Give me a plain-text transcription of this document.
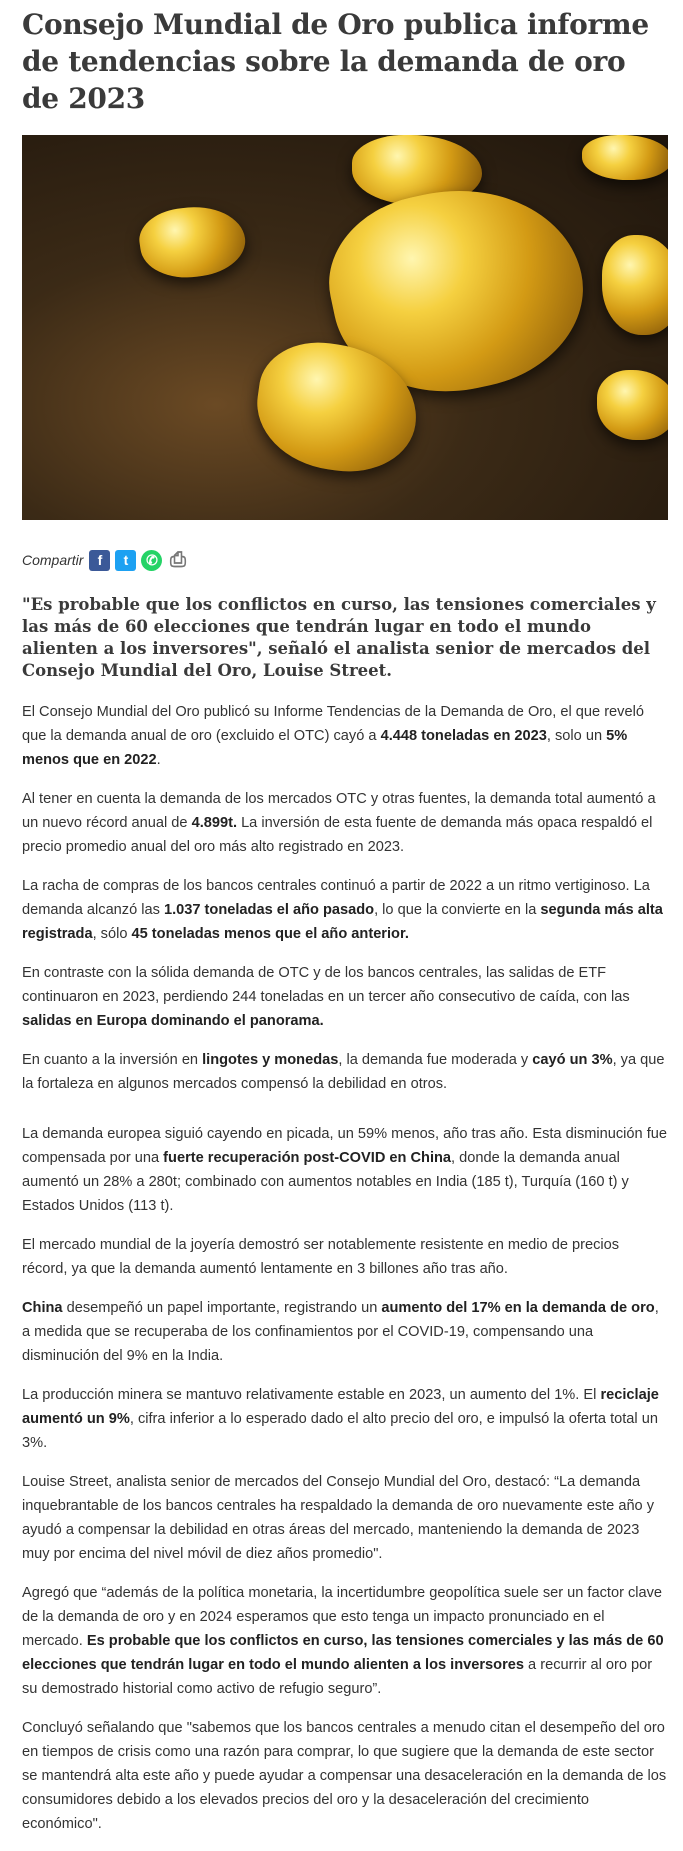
Consejo Mundial de Oro publica informe de tendencias sobre la demanda de oro de 2023
Compartir	f	t	✆ ⎙

"Es probable que los conflictos en curso, las tensiones comerciales y las más de 60 elecciones que tendrán lugar en todo el mundo alienten a los inversores", señaló el analista senior de mercados del Consejo Mundial del Oro, Louise Street.

El Consejo Mundial del Oro publicó su Informe Tendencias de la Demanda de Oro, el que reveló que la demanda anual de oro (excluido el OTC) cayó a 4.448 toneladas en 2023, solo un 5% menos que en 2022.

Al tener en cuenta la demanda de los mercados OTC y otras fuentes, la demanda total aumentó a un nuevo récord anual de 4.899t. La inversión de esta fuente de demanda más opaca respaldó el precio promedio anual del oro más alto registrado en 2023.

La racha de compras de los bancos centrales continuó a partir de 2022 a un ritmo vertiginoso. La demanda alcanzó las 1.037 toneladas el año pasado, lo que la convierte en la segunda más alta registrada, sólo 45 toneladas menos que el año anterior.

En contraste con la sólida demanda de OTC y de los bancos centrales, las salidas de ETF continuaron en 2023, perdiendo 244 toneladas en un tercer año consecutivo de caída, con las salidas en Europa dominando el panorama.

En cuanto a la inversión en lingotes y monedas, la demanda fue moderada y cayó un 3%, ya que la fortaleza en algunos mercados compensó la debilidad en otros.

La demanda europea siguió cayendo en picada, un 59% menos, año tras año. Esta disminución fue compensada por una fuerte recuperación post-COVID en China, donde la demanda anual aumentó un 28% a 280t; combinado con aumentos notables en India (185 t), Turquía (160 t) y Estados Unidos (113 t).

El mercado mundial de la joyería demostró ser notablemente resistente en medio de precios récord, ya que la demanda aumentó lentamente en 3 billones año tras año.

China desempeñó un papel importante, registrando un aumento del 17% en la demanda de oro, a medida que se recuperaba de los confinamientos por el COVID-19, compensando una disminución del 9% en la India.

La producción minera se mantuvo relativamente estable en 2023, un aumento del 1%. El reciclaje aumentó un 9%, cifra inferior a lo esperado dado el alto precio del oro, e impulsó la oferta total un 3%.

Louise Street, analista senior de mercados del Consejo Mundial del Oro, destacó: “La demanda inquebrantable de los bancos centrales ha respaldado la demanda de oro nuevamente este año y ayudó a compensar la debilidad en otras áreas del mercado, manteniendo la demanda de 2023 muy por encima del nivel móvil de diez años promedio".

Agregó que “además de la política monetaria, la incertidumbre geopolítica suele ser un factor clave de la demanda de oro y en 2024 esperamos que esto tenga un impacto pronunciado en el mercado. Es probable que los conflictos en curso, las tensiones comerciales y las más de 60 elecciones que tendrán lugar en todo el mundo alienten a los inversores a recurrir al oro por su demostrado historial como activo de refugio seguro”.

Concluyó señalando que "sabemos que los bancos centrales a menudo citan el desempeño del oro en tiempos de crisis como una razón para comprar, lo que sugiere que la demanda de este sector se mantendrá alta este año y puede ayudar a compensar una desaceleración en la demanda de los consumidores debido a los elevados precios del oro y la desaceleración del crecimiento económico".
